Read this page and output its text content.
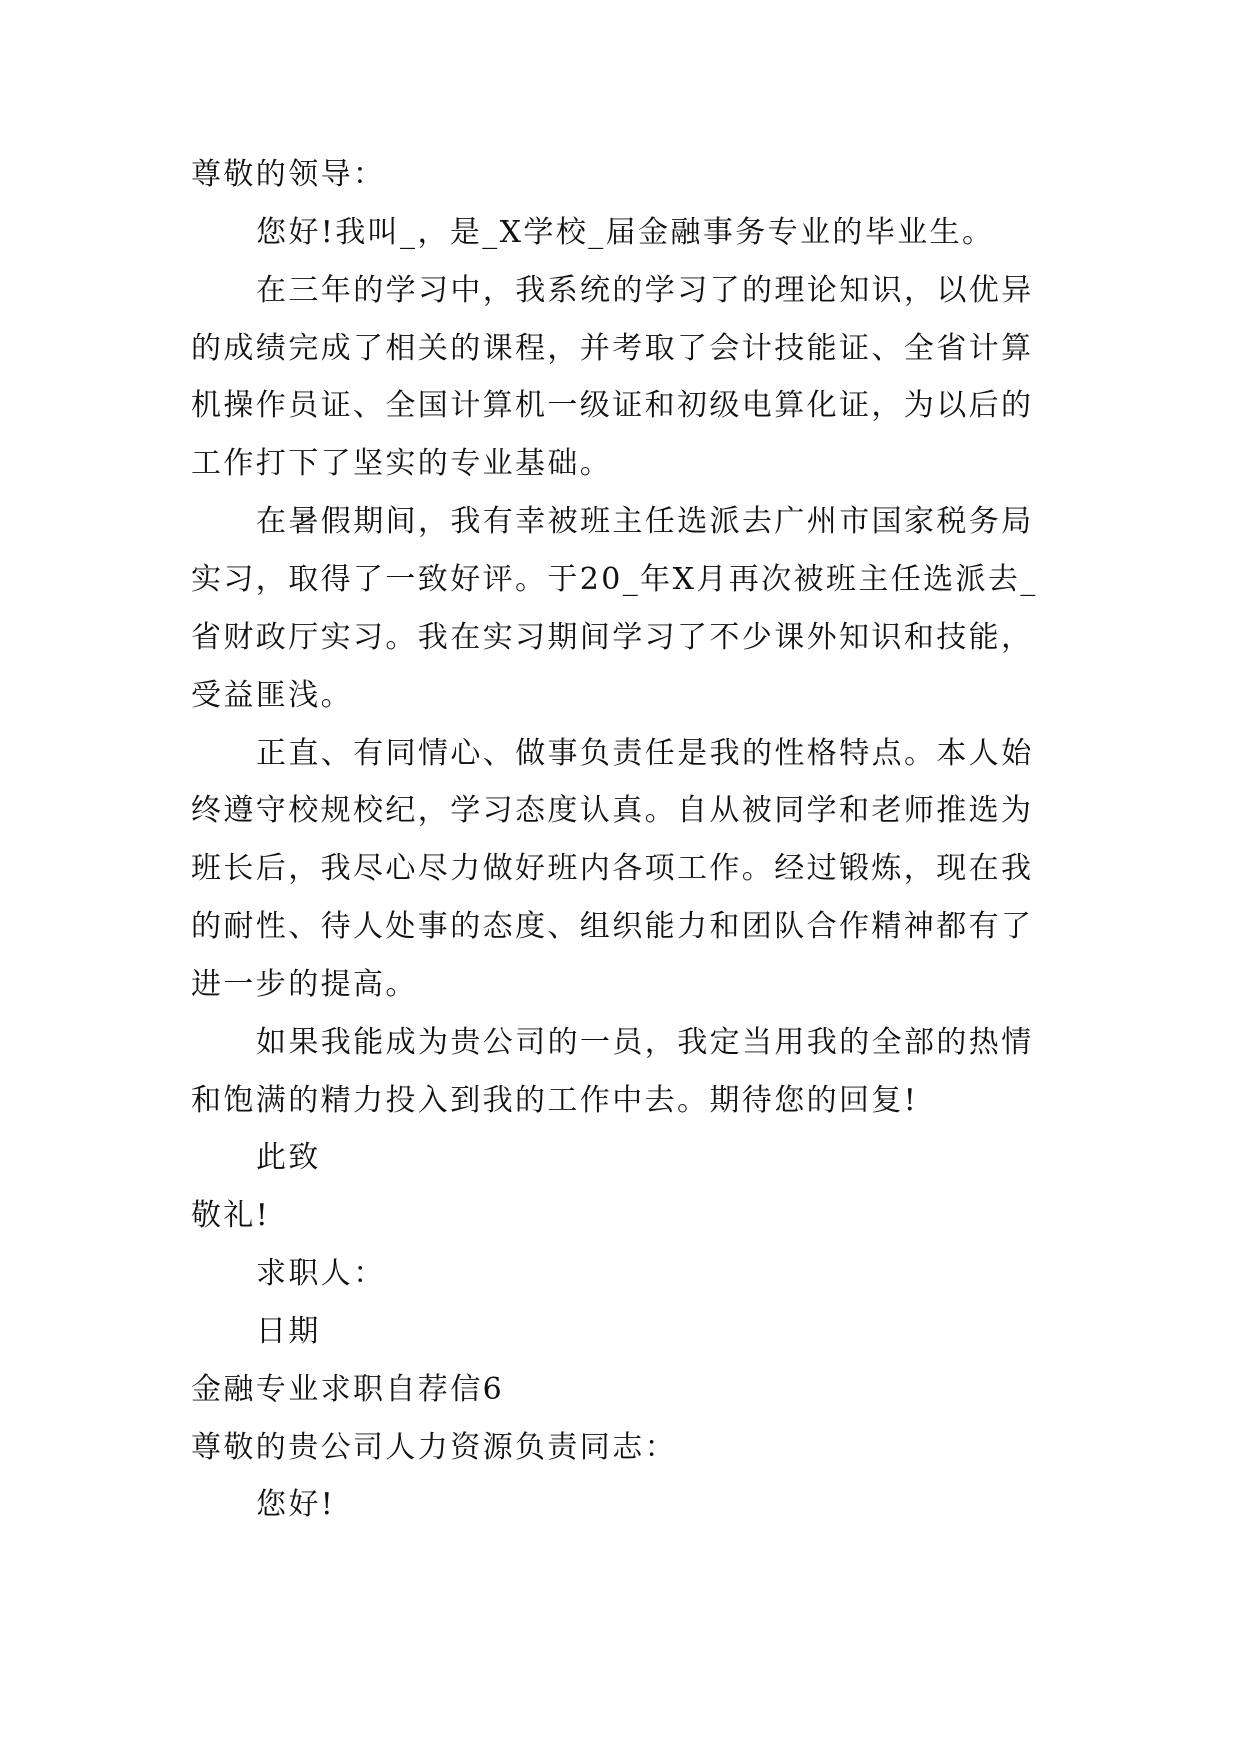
尊敬的领导：
您好!我叫_，是_X学校_届金融事务专业的毕业生。
在三年的学习中，我系统的学习了的理论知识，以优异
的成绩完成了相关的课程，并考取了会计技能证、全省计算
机操作员证、全国计算机一级证和初级电算化证，为以后的
工作打下了坚实的专业基础。
在暑假期间，我有幸被班主任选派去广州市国家税务局
实习，取得了一致好评。于20_年X月再次被班主任选派去_
省财政厅实习。我在实习期间学习了不少课外知识和技能，
受益匪浅。
正直、有同情心、做事负责任是我的性格特点。本人始
终遵守校规校纪，学习态度认真。自从被同学和老师推选为
班长后，我尽心尽力做好班内各项工作。经过锻炼，现在我
的耐性、待人处事的态度、组织能力和团队合作精神都有了
进一步的提高。
如果我能成为贵公司的一员，我定当用我的全部的热情
和饱满的精力投入到我的工作中去。期待您的回复!
此致
敬礼!
求职人：
日期
金融专业求职自荐信6
尊敬的贵公司人力资源负责同志：
您好!
